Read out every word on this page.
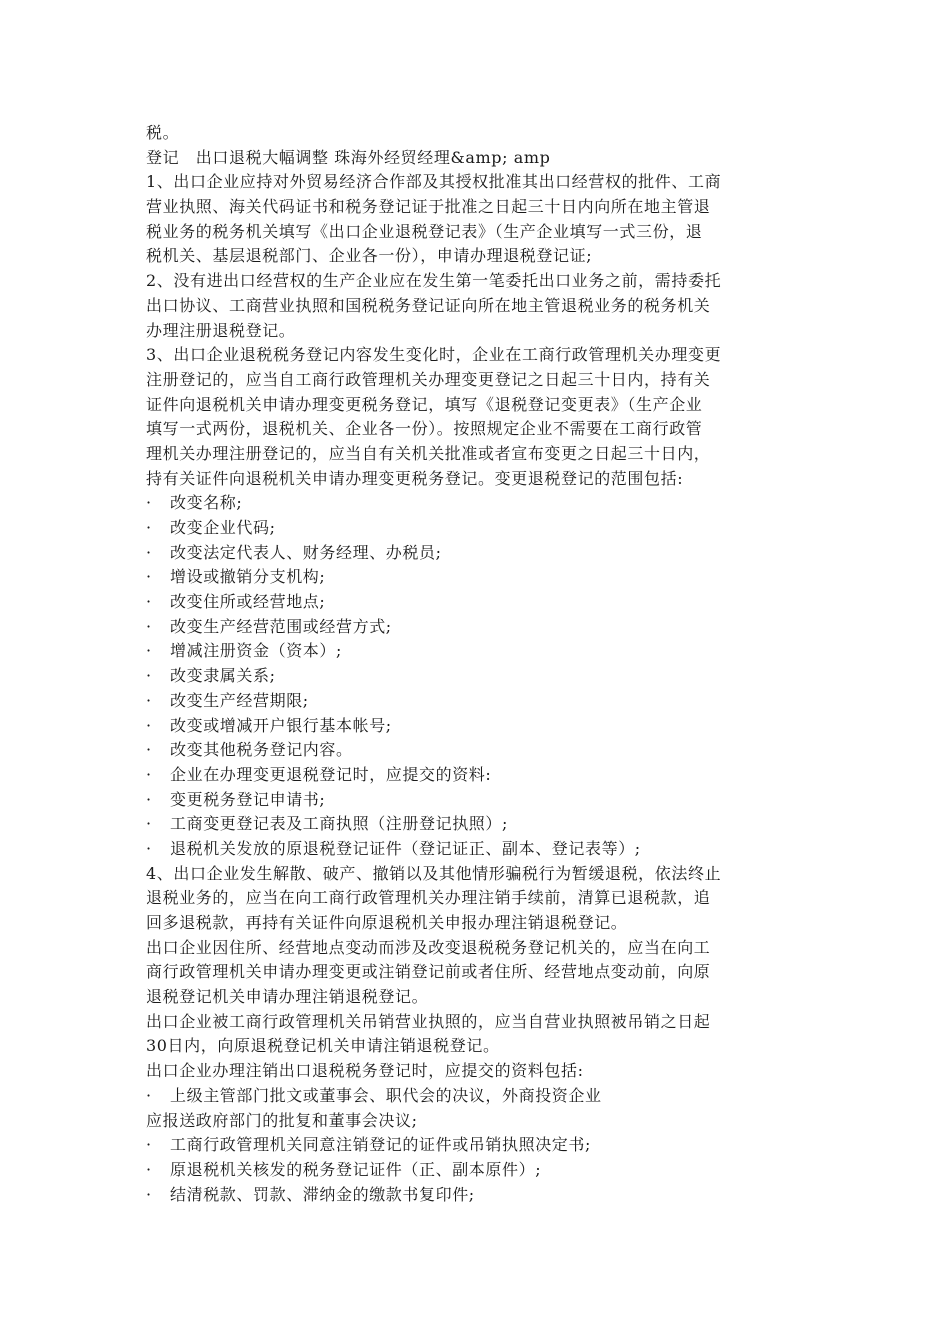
税。
登记　出口退税大幅调整 珠海外经贸经理&amp; amp
1、出口企业应持对外贸易经济合作部及其授权批准其出口经营权的批件、工商
营业执照、海关代码证书和税务登记证于批准之日起三十日内向所在地主管退
税业务的税务机关填写《出口企业退税登记表》（生产企业填写一式三份，退
税机关、基层退税部门、企业各一份），申请办理退税登记证;
2、没有进出口经营权的生产企业应在发生第一笔委托出口业务之前，需持委托
出口协议、工商营业执照和国税税务登记证向所在地主管退税业务的税务机关
办理注册退税登记。
3、出口企业退税税务登记内容发生变化时，企业在工商行政管理机关办理变更
注册登记的，应当自工商行政管理机关办理变更登记之日起三十日内，持有关
证件向退税机关申请办理变更税务登记，填写《退税登记变更表》（生产企业
填写一式两份，退税机关、企业各一份）。按照规定企业不需要在工商行政管
理机关办理注册登记的，应当自有关机关批准或者宣布变更之日起三十日内，
持有关证件向退税机关申请办理变更税务登记。变更退税登记的范围包括:
· 改变名称;
· 改变企业代码;
· 改变法定代表人、财务经理、办税员;
· 增设或撤销分支机构;
· 改变住所或经营地点;
· 改变生产经营范围或经营方式;
· 增减注册资金（资本）;
· 改变隶属关系;
· 改变生产经营期限;
· 改变或增减开户银行基本帐号;
· 改变其他税务登记内容。
· 企业在办理变更退税登记时，应提交的资料:
· 变更税务登记申请书;
· 工商变更登记表及工商执照（注册登记执照）;
· 退税机关发放的原退税登记证件（登记证正、副本、登记表等）;
4、出口企业发生解散、破产、撤销以及其他情形骗税行为暂缓退税，依法终止
退税业务的，应当在向工商行政管理机关办理注销手续前，清算已退税款，追
回多退税款，再持有关证件向原退税机关申报办理注销退税登记。
出口企业因住所、经营地点变动而涉及改变退税税务登记机关的，应当在向工
商行政管理机关申请办理变更或注销登记前或者住所、经营地点变动前，向原
退税登记机关申请办理注销退税登记。
出口企业被工商行政管理机关吊销营业执照的，应当自营业执照被吊销之日起
30日内，向原退税登记机关申请注销退税登记。
出口企业办理注销出口退税税务登记时，应提交的资料包括:
· 上级主管部门批文或董事会、职代会的决议，外商投资企业
应报送政府部门的批复和董事会决议;
· 工商行政管理机关同意注销登记的证件或吊销执照决定书;
· 原退税机关核发的税务登记证件（正、副本原件）;
· 结清税款、罚款、滞纳金的缴款书复印件;
